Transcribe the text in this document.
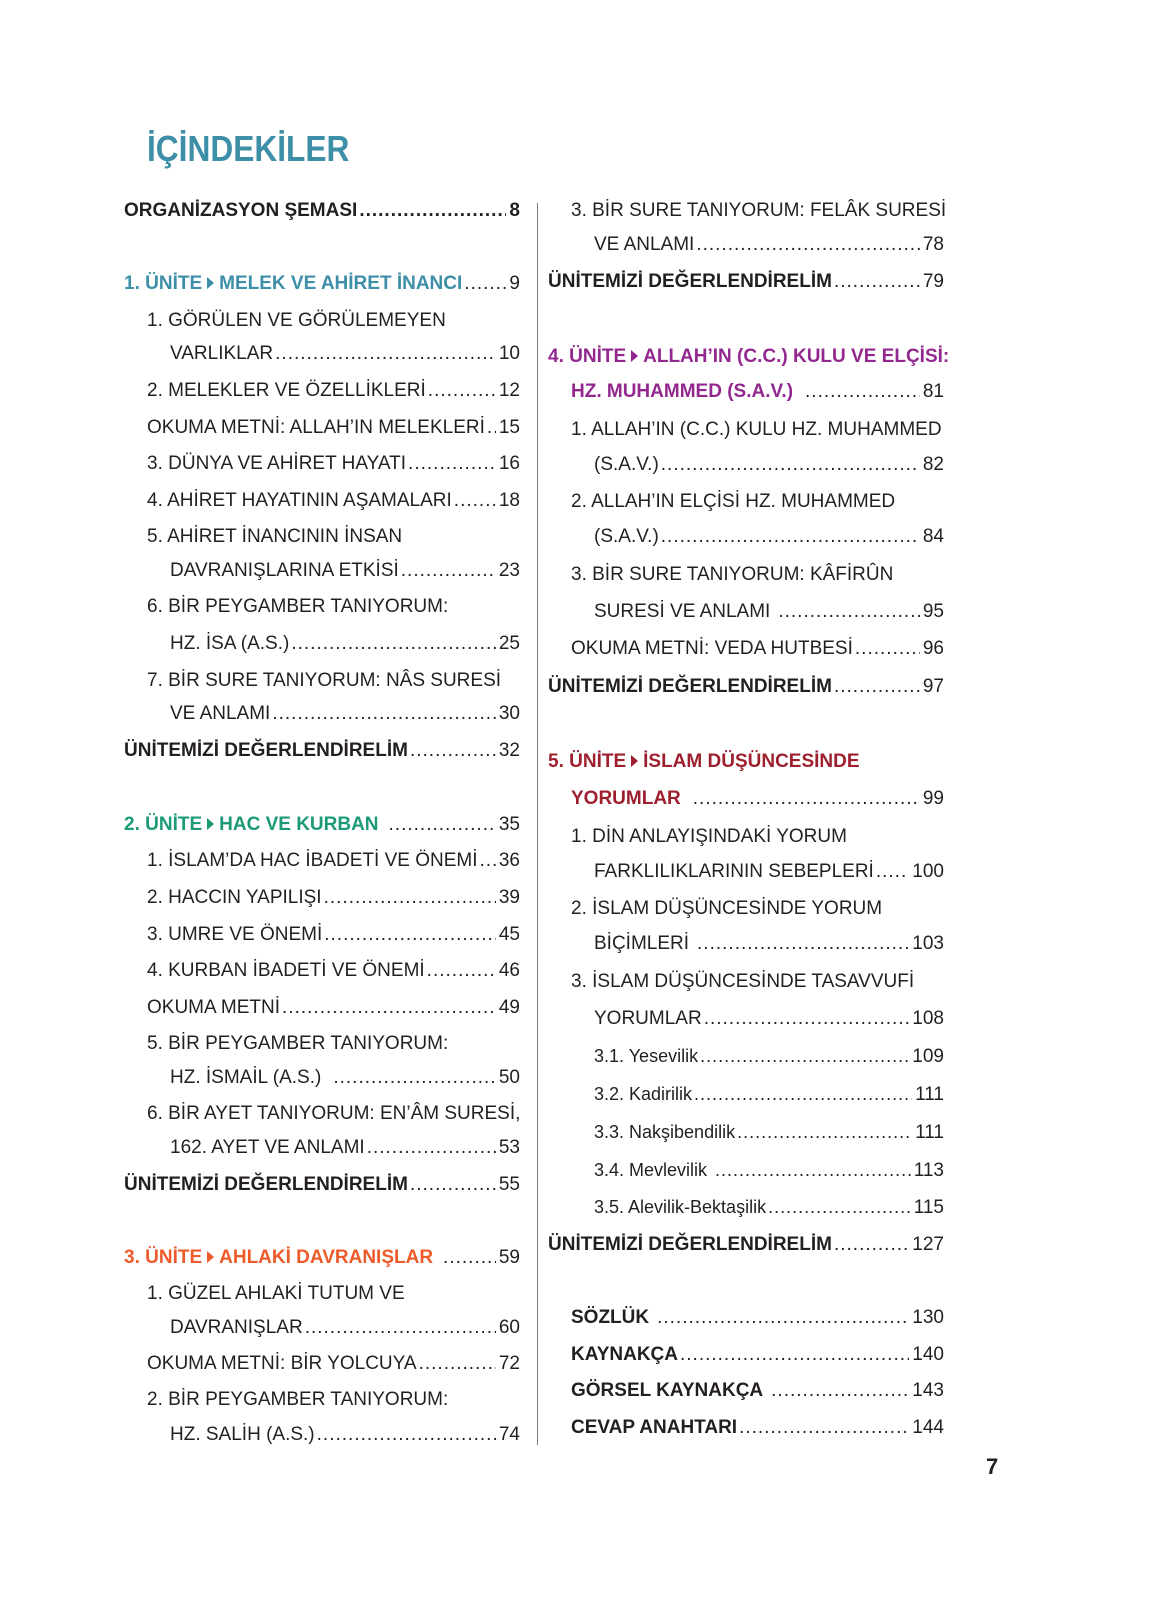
İÇİNDEKİLER
ORGANİZASYON ŞEMASI .....	8
1. ÜNİTE MELEK VE AHİRET İNANCI ..... 9
1. GÖRÜLEN VE GÖRÜLEMEYEN
VARLIKLAR .....	10
2. MELEKLER VE ÖZELLİKLERİ .....	12
OKUMA METNİ: ALLAH’IN MELEKLERİ ..... 15
3. DÜNYA VE AHİRET HAYATI .....	16
4. AHİRET HAYATININ AŞAMALARI ..... 18
5. AHİRET İNANCININ İNSAN
DAVRANIŞLARINA ETKİSİ .....	23
6. BİR PEYGAMBER TANIYORUM:
HZ. İSA (A.S.) .....	25
7. BİR SURE TANIYORUM: NÂS SURESİ
VE ANLAMI .....	30
ÜNİTEMİZİ DEĞERLENDİRELİM .....	32
2. ÜNİTE HAC VE KURBAN .....	35
1. İSLAM’DA HAC İBADETİ VE ÖNEMİ ..... 36
2. HACCIN YAPILIŞI .....	39
3. UMRE VE ÖNEMİ .....	45
4. KURBAN İBADETİ VE ÖNEMİ .....	46
OKUMA METNİ .....	49
5. BİR PEYGAMBER TANIYORUM:
HZ. İSMAİL (A.S.) .....	50
6. BİR AYET TANIYORUM: EN’ÂM SURESİ,
162. AYET VE ANLAMI .....	53
ÜNİTEMİZİ DEĞERLENDİRELİM .....	55
3. ÜNİTE AHLAKİ DAVRANIŞLAR .....	59
1. GÜZEL AHLAKİ TUTUM VE
DAVRANIŞLAR .....	60
OKUMA METNİ: BİR YOLCUYA .....	72
2. BİR PEYGAMBER TANIYORUM:
HZ. SALİH (A.S.) .....	74
3. BİR SURE TANIYORUM: FELÂK SURESİ
VE ANLAMI .....	78
ÜNİTEMİZİ DEĞERLENDİRELİM .....	79
4. ÜNİTE ALLAH’IN (C.C.) KULU VE ELÇİSİ:
HZ. MUHAMMED (S.A.V.) .....	81
1. ALLAH’IN (C.C.) KULU HZ. MUHAMMED
(S.A.V.) .....	82
2. ALLAH’IN ELÇİSİ HZ. MUHAMMED
(S.A.V.) .....	84
3. BİR SURE TANIYORUM: KÂFİRÛN
SURESİ VE ANLAMI .....	95
OKUMA METNİ: VEDA HUTBESİ .....	96
ÜNİTEMİZİ DEĞERLENDİRELİM .....	97
5. ÜNİTE İSLAM DÜŞÜNCESİNDE
YORUMLAR .....	99
1. DİN ANLAYIŞINDAKİ YORUM
FARKLILIKLARININ SEBEPLERİ ..... 100
2. İSLAM DÜŞÜNCESİNDE YORUM
BİÇİMLERİ .....	103
3. İSLAM DÜŞÜNCESİNDE TASAVVUFİ
YORUMLAR .....	108
3.1. Yesevilik .....	109
3.2. Kadirilik .....	111
3.3. Nakşibendilik .....	111
3.4. Mevlevilik .....	113
3.5. Alevilik-Bektaşilik .....	115
ÜNİTEMİZİ DEĞERLENDİRELİM .....	127
SÖZLÜK .....	130
KAYNAKÇA .....	140
GÖRSEL KAYNAKÇA .....	143
CEVAP ANAHTARI .....	144
7
